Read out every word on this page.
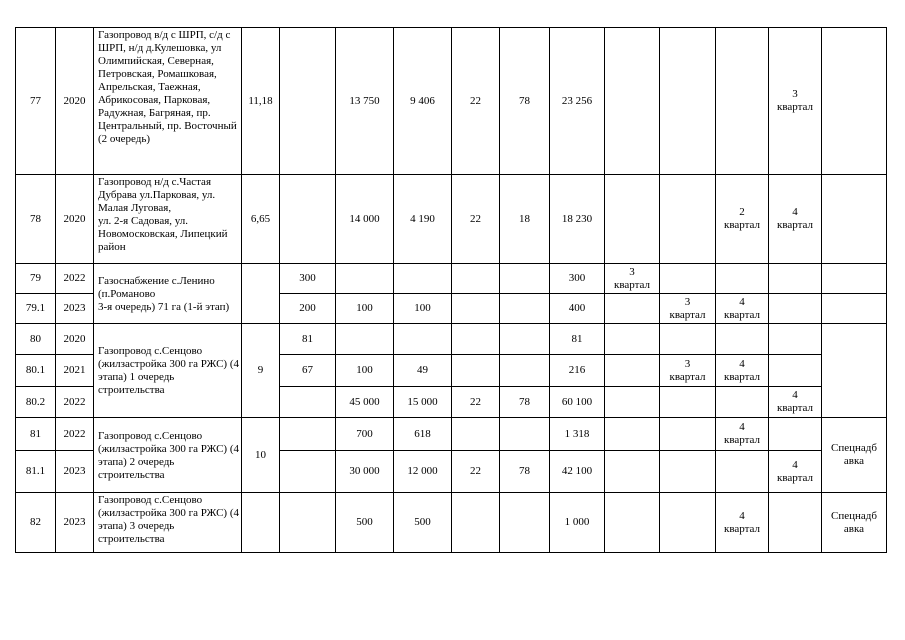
77	2020	Газопровод в/д с ШРП, с/д с ШРП, н/д д.Кулешовка, ул Олимпийская, Северная, Петровская, Ромашковая, Апрельская, Таежная, Абрикосовая, Парковая, Радужная, Багряная, пр. Центральный, пр. Восточный
(2 очередь)	11,18		13 750	9 406	22	78	23 256				3
квартал	
78	2020	Газопровод н/д с.Частая Дубрава ул.Парковая, ул. Малая Луговая,
ул. 2-я Садовая, ул. Новомосковская, Липецкий район	6,65		14 000	4 190	22	18	18 230			2
квартал	4
квартал	
79	2022	Газоснабжение с.Ленино (п.Романово
3-я очередь) 71 га (1-й этап)		300					300	3
квартал				
79.1	2023			200	100	100			400		3
квартал	4
квартал		
80	2020	Газопровод с.Сенцово (жилзастройка 300 га РЖС) (4 этапа) 1 очередь строительства	9	81					81					
80.1	2021			67	100	49			216		3
квартал	4
квартал		
80.2	2022				45 000	15 000	22	78	60 100				4
квартал	
81	2022	Газопровод с.Сенцово (жилзастройка 300 га РЖС) (4 этапа) 2 очередь строительства	10		700	618			1 318			4
квартал		Спецнадб авка
81.1	2023				30 000	12 000	22	78	42 100				4
квартал	
82	2023	Газопровод с.Сенцово (жилзастройка 300 га РЖС) (4 этапа) 3 очередь строительства			500	500			1 000			4
квартал		Спецнадб авка
